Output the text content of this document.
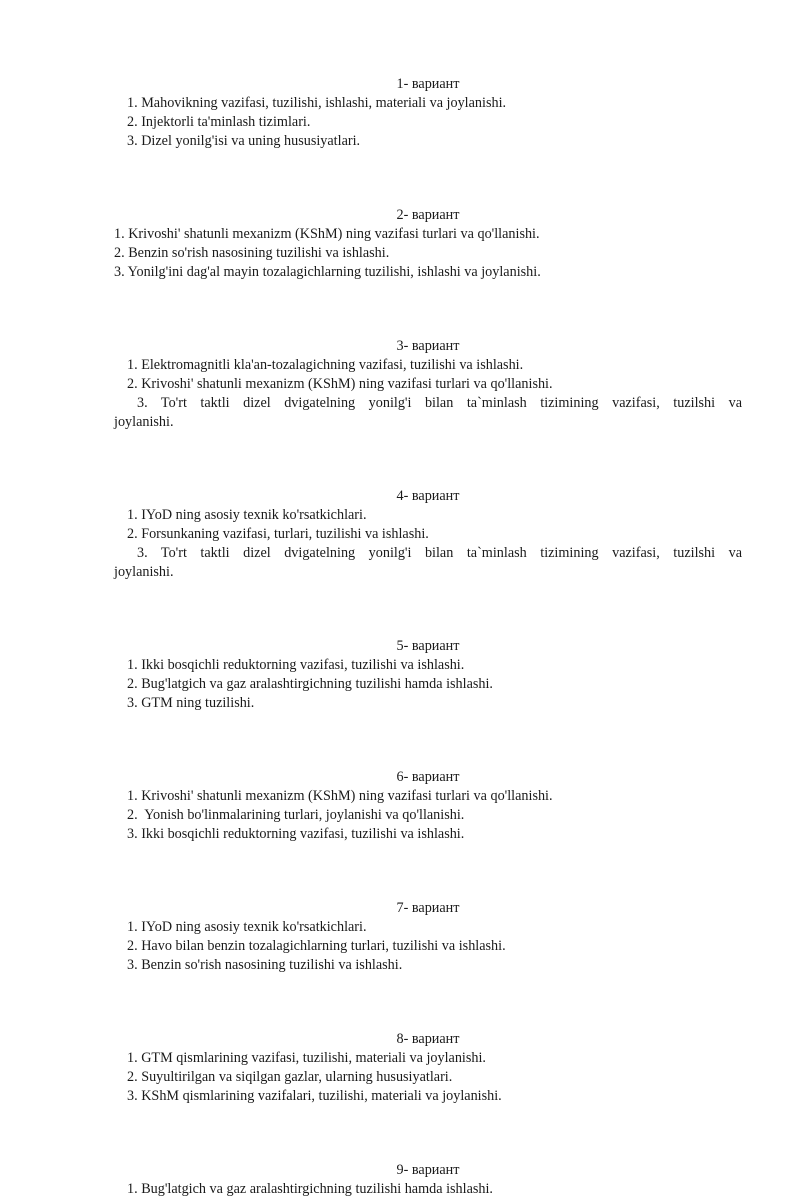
1- вариант

1. Mahovikning vazifasi, tuzilishi, ishlashi, materiali va joylanishi.

2. Injektorli ta'minlash tizimlari.

3. Dizel yonilg'isi va uning hususiyatlari.

2- вариант

1. Krivoshi' shatunli mexanizm (KShM) ning vazifasi turlari va qo'llanishi.

2. Benzin so'rish nasosining tuzilishi va ishlashi.

3. Yonilg'ini dag'al mayin tozalagichlarning tuzilishi, ishlashi va joylanishi.

3- вариант

1. Elektromagnitli kla'an-tozalagichning vazifasi, tuzilishi va ishlashi.

2. Krivoshi' shatunli mexanizm (KShM) ning vazifasi turlari va qo'llanishi.

3. To'rt taktli dizel dvigatelning yonilg'i bilan ta`minlash tizimining vazifasi, tuzilshi va

joylanishi.

4- вариант

1. IYoD ning asosiy texnik ko'rsatkichlari.

2. Forsunkaning vazifasi, turlari, tuzilishi va ishlashi.

3. To'rt taktli dizel dvigatelning yonilg'i bilan ta`minlash tizimining vazifasi, tuzilshi va

joylanishi.

5- вариант

1. Ikki bosqichli reduktorning vazifasi, tuzilishi va ishlashi.

2. Bug'latgich va gaz aralashtirgichning tuzilishi hamda ishlashi.

3. GTM ning tuzilishi.

6- вариант

1. Krivoshi' shatunli mexanizm (KShM) ning vazifasi turlari va qo'llanishi.

2.  Yonish bo'linmalarining turlari, joylanishi va qo'llanishi.

3. Ikki bosqichli reduktorning vazifasi, tuzilishi va ishlashi.

7- вариант

1. IYoD ning asosiy texnik ko'rsatkichlari.

2. Havo bilan benzin tozalagichlarning turlari, tuzilishi va ishlashi.

3. Benzin so'rish nasosining tuzilishi va ishlashi.

8- вариант

1. GTM qismlarining vazifasi, tuzilishi, materiali va joylanishi.

2. Suyultirilgan va siqilgan gazlar, ularning hususiyatlari.

3. KShM qismlarining vazifalari, tuzilishi, materiali va joylanishi.

9- вариант

1. Bug'latgich va gaz aralashtirgichning tuzilishi hamda ishlashi.
